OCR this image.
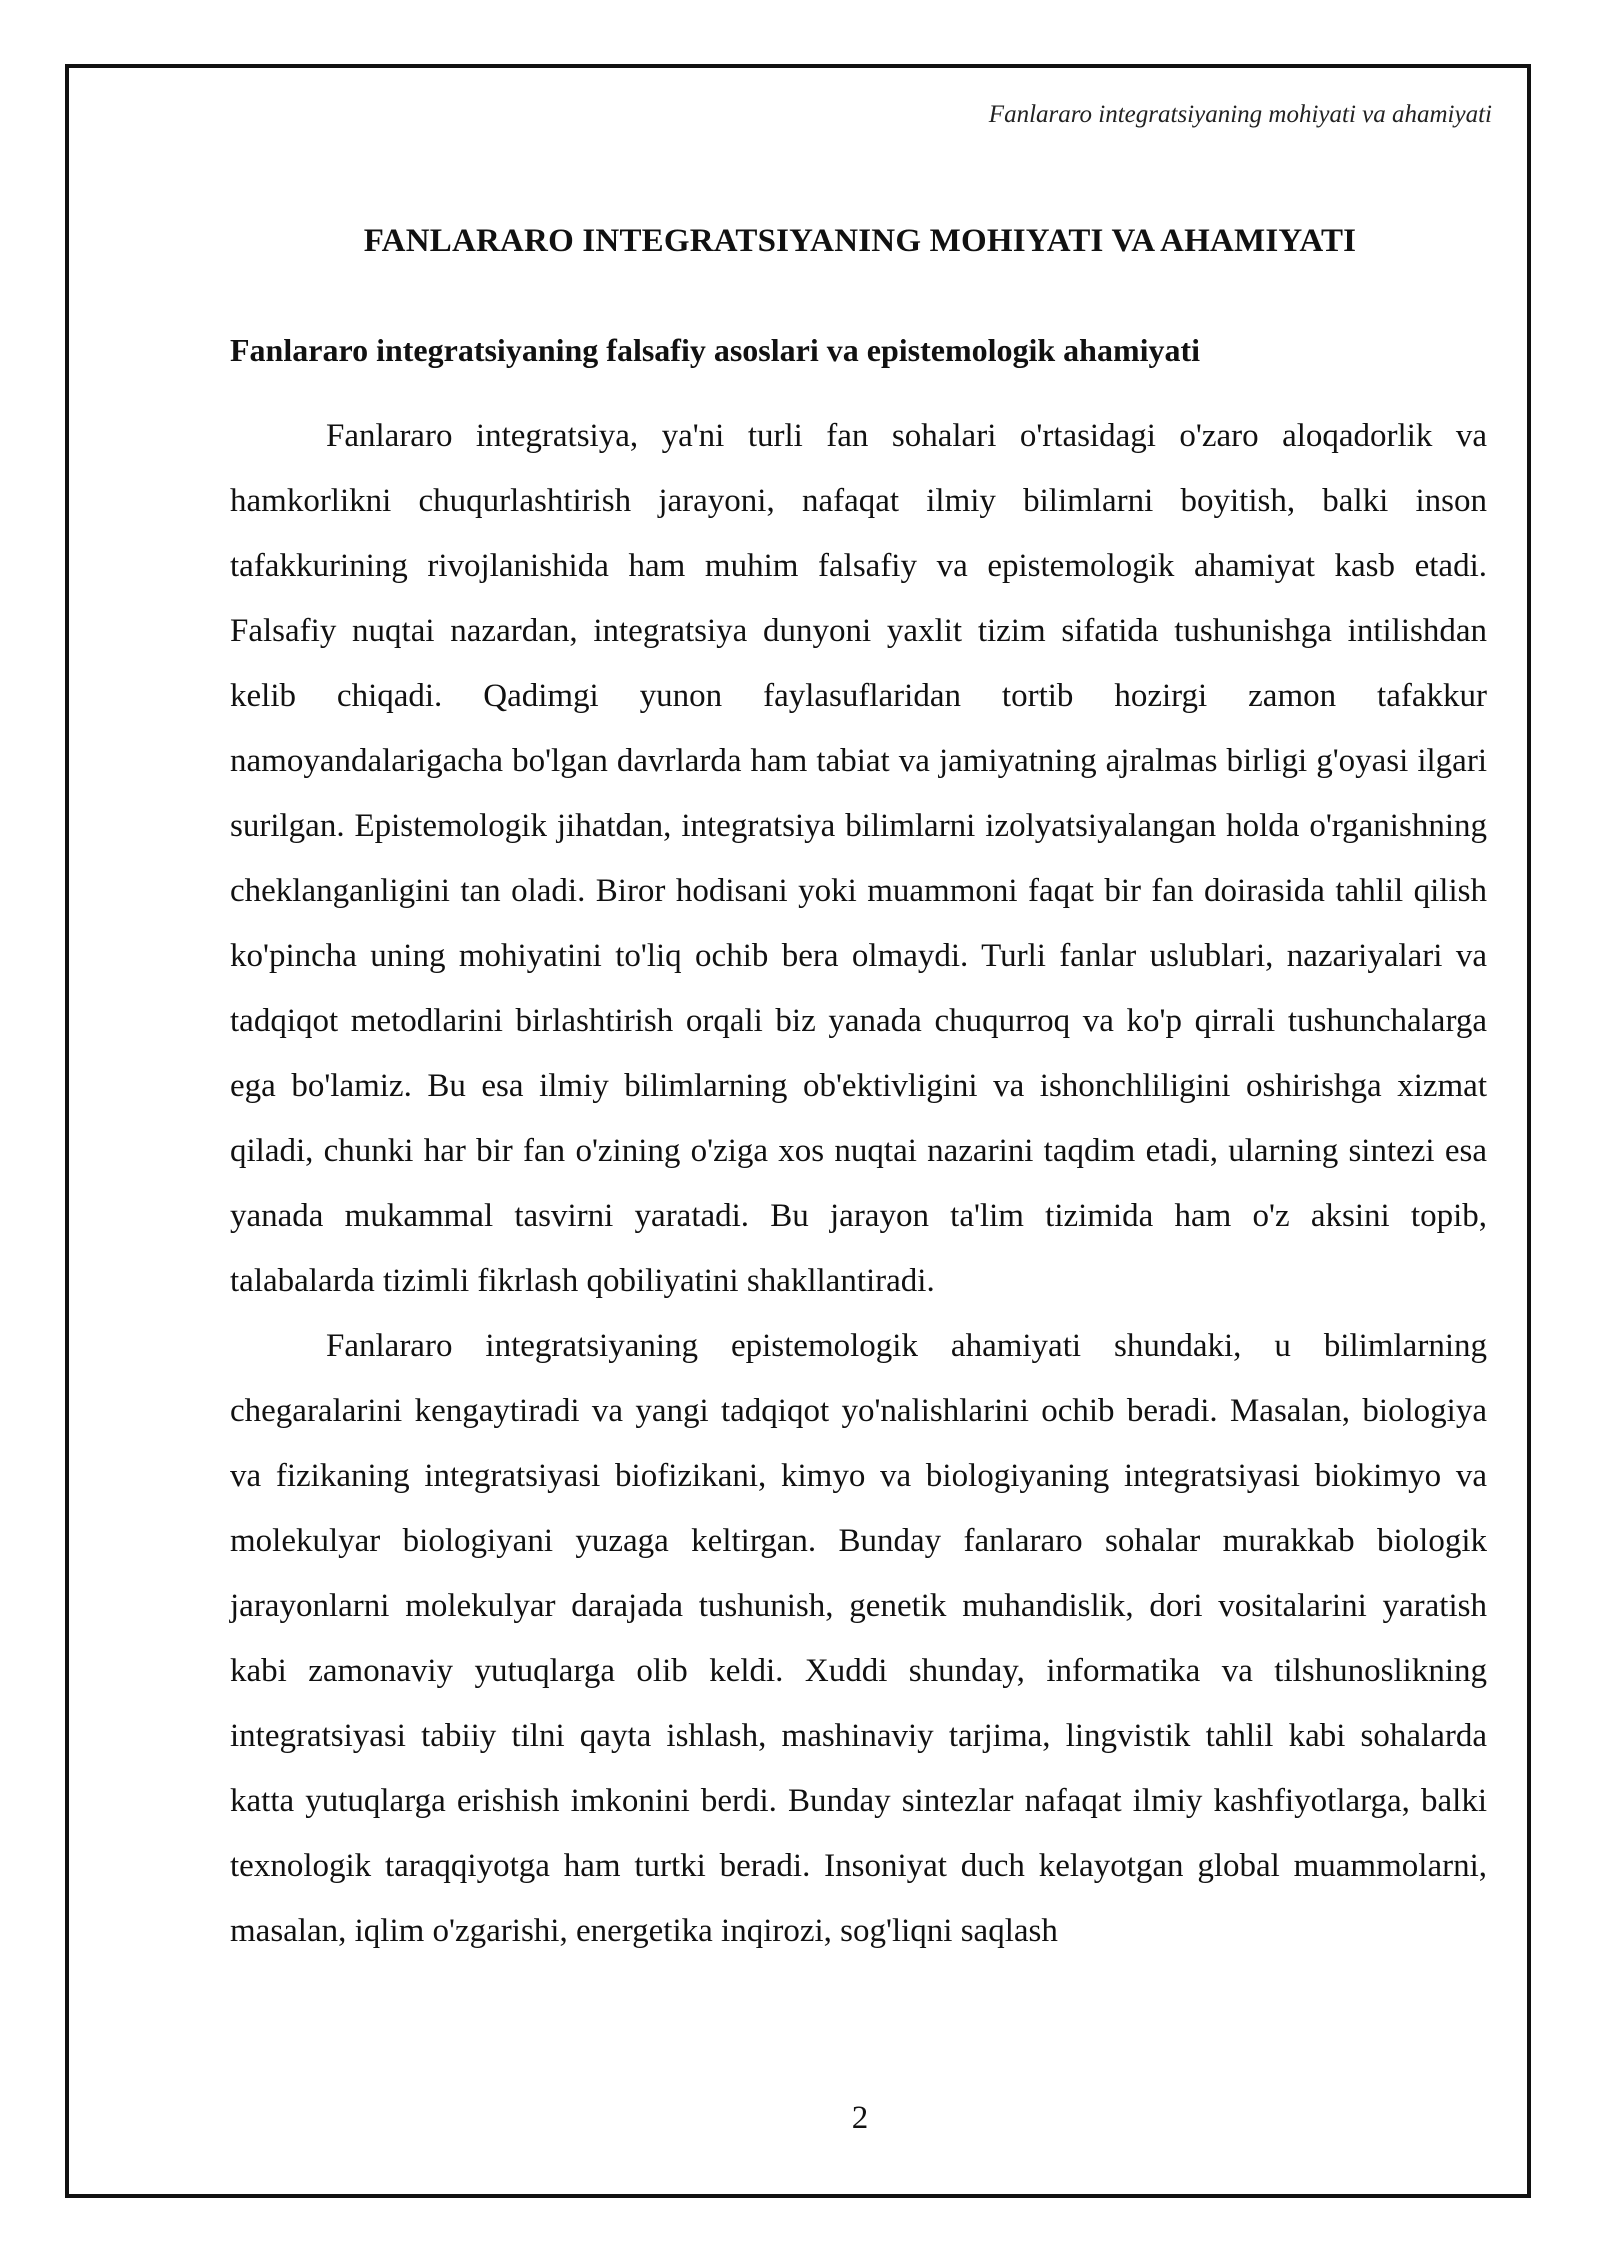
Fanlararo integratsiyaning mohiyati va ahamiyati
FANLARARO INTEGRATSIYANING MOHIYATI VA AHAMIYATI
Fanlararo integratsiyaning falsafiy asoslari va epistemologik ahamiyati

Fanlararo integratsiya, ya'ni turli fan sohalari o'rtasidagi o'zaro aloqadorlik va hamkorlikni chuqurlashtirish jarayoni, nafaqat ilmiy bilimlarni boyitish, balki inson tafakkurining rivojlanishida ham muhim falsafiy va epistemologik ahamiyat kasb etadi. Falsafiy nuqtai nazardan, integratsiya dunyoni yaxlit tizim sifatida tushunishga intilishdan kelib chiqadi. Qadimgi yunon faylasuflaridan tortib hozirgi zamon tafakkur namoyandalarigacha bo'lgan davrlarda ham tabiat va jamiyatning ajralmas birligi g'oyasi ilgari surilgan. Epistemologik jihatdan, integratsiya bilimlarni izolyatsiyalangan holda o'rganishning cheklanganligini tan oladi. Biror hodisani yoki muammoni faqat bir fan doirasida tahlil qilish ko'pincha uning mohiyatini to'liq ochib bera olmaydi. Turli fanlar uslublari, nazariyalari va tadqiqot metodlarini birlashtirish orqali biz yanada chuqurroq va ko'p qirrali tushunchalarga ega bo'lamiz. Bu esa ilmiy bilimlarning ob'ektivligini va ishonchliligini oshirishga xizmat qiladi, chunki har bir fan o'zining o'ziga xos nuqtai nazarini taqdim etadi, ularning sintezi esa yanada mukammal tasvirni yaratadi. Bu jarayon ta'lim tizimida ham o'z aksini topib, talabalarda tizimli fikrlash qobiliyatini shakllantiradi.

Fanlararo integratsiyaning epistemologik ahamiyati shundaki, u bilimlarning chegaralarini kengaytiradi va yangi tadqiqot yo'nalishlarini ochib beradi. Masalan, biologiya va fizikaning integratsiyasi biofizikani, kimyo va biologiyaning integratsiyasi biokimyo va molekulyar biologiyani yuzaga keltirgan. Bunday fanlararo sohalar murakkab biologik jarayonlarni molekulyar darajada tushunish, genetik muhandislik, dori vositalarini yaratish kabi zamonaviy yutuqlarga olib keldi. Xuddi shunday, informatika va tilshunoslikning integratsiyasi tabiiy tilni qayta ishlash, mashinaviy tarjima, lingvistik tahlil kabi sohalarda katta yutuqlarga erishish imkonini berdi. Bunday sintezlar nafaqat ilmiy kashfiyotlarga, balki texnologik taraqqiyotga ham turtki beradi. Insoniyat duch kelayotgan global muammolarni, masalan, iqlim o'zgarishi, energetika inqirozi, sog'liqni saqlash

2
